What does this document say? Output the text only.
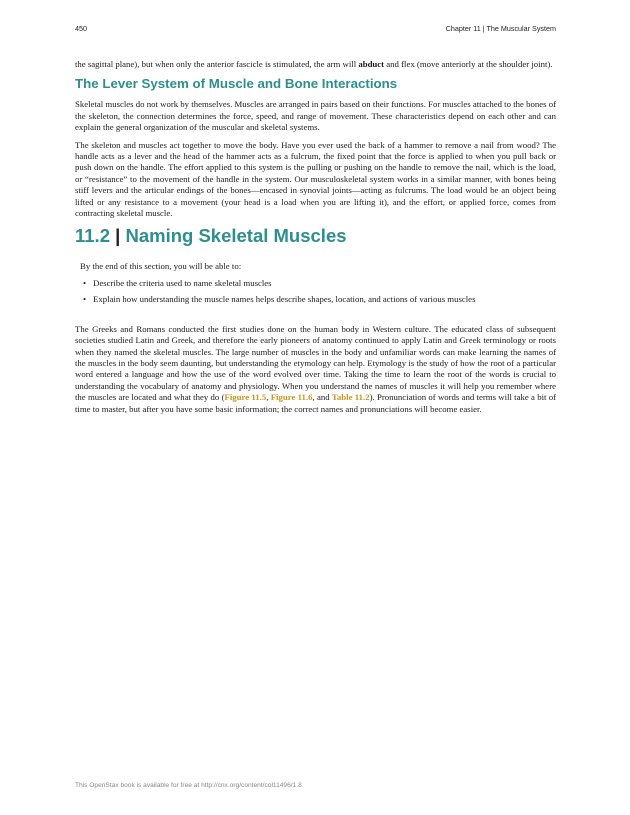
450	Chapter 11 | The Muscular System

the sagittal plane), but when only the anterior fascicle is stimulated, the arm will abduct and flex (move anteriorly at the shoulder joint).

The Lever System of Muscle and Bone Interactions

Skeletal muscles do not work by themselves. Muscles are arranged in pairs based on their functions. For muscles attached to the bones of the skeleton, the connection determines the force, speed, and range of movement. These characteristics depend on each other and can explain the general organization of the muscular and skeletal systems.

The skeleton and muscles act together to move the body. Have you ever used the back of a hammer to remove a nail from wood? The handle acts as a lever and the head of the hammer acts as a fulcrum, the fixed point that the force is applied to when you pull back or push down on the handle. The effort applied to this system is the pulling or pushing on the handle to remove the nail, which is the load, or “resistance” to the movement of the handle in the system. Our musculoskeletal system works in a similar manner, with bones being stiff levers and the articular endings of the bones—encased in synovial joints—acting as fulcrums. The load would be an object being lifted or any resistance to a movement (your head is a load when you are lifting it), and the effort, or applied force, comes from contracting skeletal muscle.

11.2 | Naming Skeletal Muscles

By the end of this section, you will be able to:

• Describe the criteria used to name skeletal muscles
• Explain how understanding the muscle names helps describe shapes, location, and actions of various muscles

The Greeks and Romans conducted the first studies done on the human body in Western culture. The educated class of subsequent societies studied Latin and Greek, and therefore the early pioneers of anatomy continued to apply Latin and Greek terminology or roots when they named the skeletal muscles. The large number of muscles in the body and unfamiliar words can make learning the names of the muscles in the body seem daunting, but understanding the etymology can help. Etymology is the study of how the root of a particular word entered a language and how the use of the word evolved over time. Taking the time to learn the root of the words is crucial to understanding the vocabulary of anatomy and physiology. When you understand the names of muscles it will help you remember where the muscles are located and what they do (Figure 11.5, Figure 11.6, and Table 11.2). Pronunciation of words and terms will take a bit of time to master, but after you have some basic information; the correct names and pronunciations will become easier.

This OpenStax book is available for free at http://cnx.org/content/col11496/1.8
